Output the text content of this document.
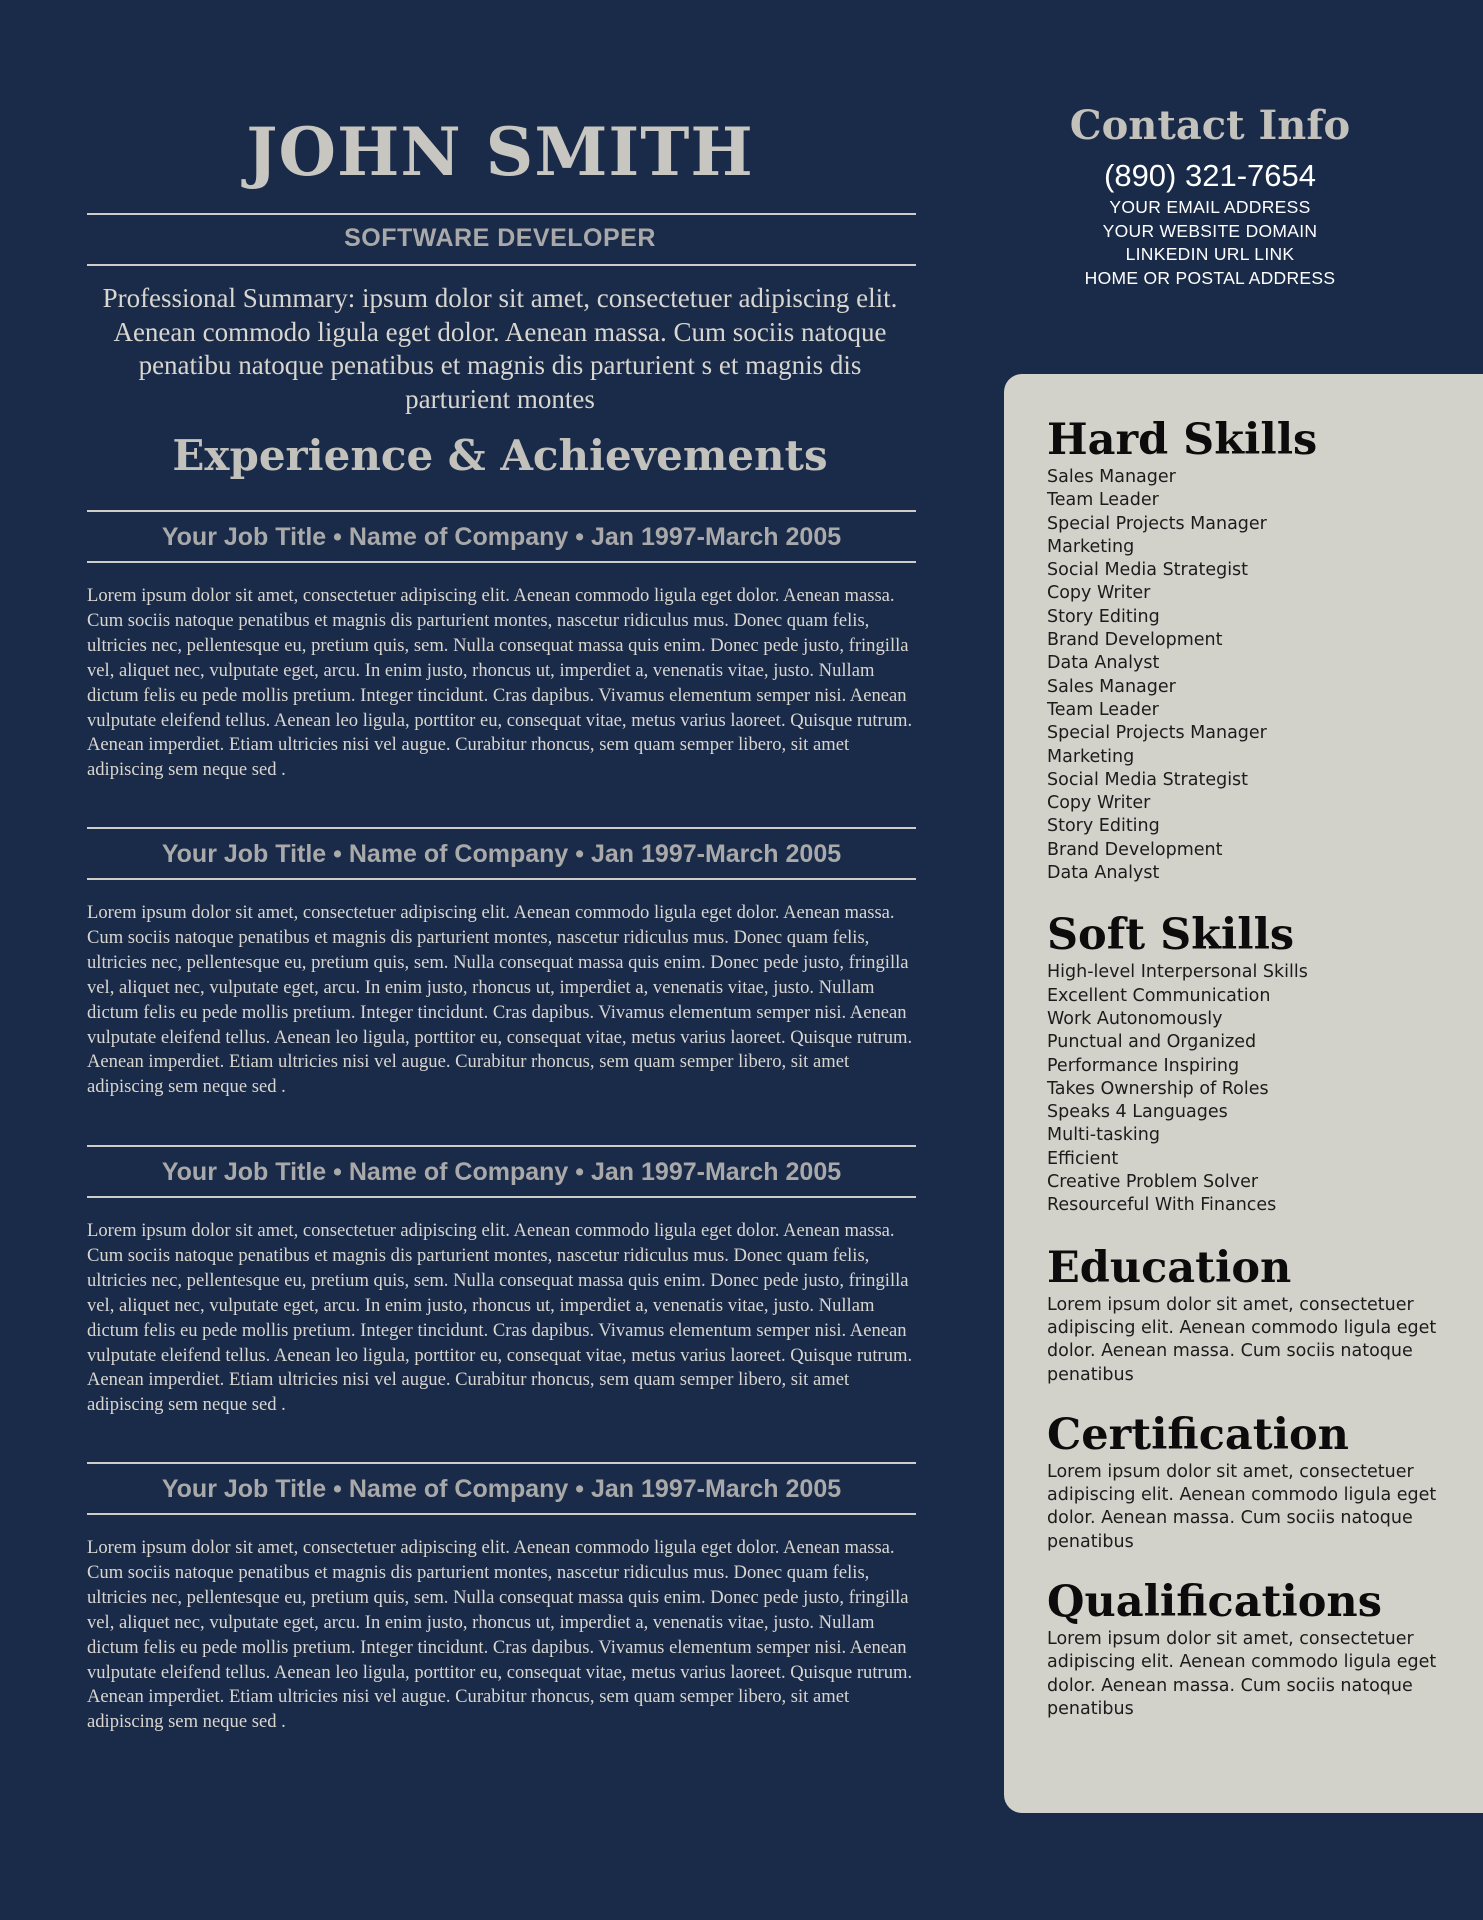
JOHN SMITH
SOFTWARE DEVELOPER
Professional Summary: ipsum dolor sit amet, consectetuer adipiscing elit. Aenean commodo ligula eget dolor. Aenean massa. Cum sociis natoque penatibu natoque penatibus et magnis dis parturient s et magnis dis parturient montes
Experience & Achievements
Your Job Title • Name of Company • Jan 1997-March 2005
Lorem ipsum dolor sit amet, consectetuer adipiscing elit. Aenean commodo ligula eget dolor. Aenean massa. Cum sociis natoque penatibus et magnis dis parturient montes, nascetur ridiculus mus. Donec quam felis, ultricies nec, pellentesque eu, pretium quis, sem. Nulla consequat massa quis enim. Donec pede justo, fringilla vel, aliquet nec, vulputate eget, arcu. In enim justo, rhoncus ut, imperdiet a, venenatis vitae, justo. Nullam dictum felis eu pede mollis pretium. Integer tincidunt. Cras dapibus. Vivamus elementum semper nisi. Aenean vulputate eleifend tellus. Aenean leo ligula, porttitor eu, consequat vitae, metus varius laoreet. Quisque rutrum. Aenean imperdiet. Etiam ultricies nisi vel augue. Curabitur rhoncus, sem quam semper libero, sit amet adipiscing sem neque sed .
Your Job Title • Name of Company • Jan 1997-March 2005
Lorem ipsum dolor sit amet, consectetuer adipiscing elit. Aenean commodo ligula eget dolor. Aenean massa. Cum sociis natoque penatibus et magnis dis parturient montes, nascetur ridiculus mus. Donec quam felis, ultricies nec, pellentesque eu, pretium quis, sem. Nulla consequat massa quis enim. Donec pede justo, fringilla vel, aliquet nec, vulputate eget, arcu. In enim justo, rhoncus ut, imperdiet a, venenatis vitae, justo. Nullam dictum felis eu pede mollis pretium. Integer tincidunt. Cras dapibus. Vivamus elementum semper nisi. Aenean vulputate eleifend tellus. Aenean leo ligula, porttitor eu, consequat vitae, metus varius laoreet. Quisque rutrum. Aenean imperdiet. Etiam ultricies nisi vel augue. Curabitur rhoncus, sem quam semper libero, sit amet adipiscing sem neque sed .
Your Job Title • Name of Company • Jan 1997-March 2005
Lorem ipsum dolor sit amet, consectetuer adipiscing elit. Aenean commodo ligula eget dolor. Aenean massa. Cum sociis natoque penatibus et magnis dis parturient montes, nascetur ridiculus mus. Donec quam felis, ultricies nec, pellentesque eu, pretium quis, sem. Nulla consequat massa quis enim. Donec pede justo, fringilla vel, aliquet nec, vulputate eget, arcu. In enim justo, rhoncus ut, imperdiet a, venenatis vitae, justo. Nullam dictum felis eu pede mollis pretium. Integer tincidunt. Cras dapibus. Vivamus elementum semper nisi. Aenean vulputate eleifend tellus. Aenean leo ligula, porttitor eu, consequat vitae, metus varius laoreet. Quisque rutrum. Aenean imperdiet. Etiam ultricies nisi vel augue. Curabitur rhoncus, sem quam semper libero, sit amet adipiscing sem neque sed .
Your Job Title • Name of Company • Jan 1997-March 2005
Lorem ipsum dolor sit amet, consectetuer adipiscing elit. Aenean commodo ligula eget dolor. Aenean massa. Cum sociis natoque penatibus et magnis dis parturient montes, nascetur ridiculus mus. Donec quam felis, ultricies nec, pellentesque eu, pretium quis, sem. Nulla consequat massa quis enim. Donec pede justo, fringilla vel, aliquet nec, vulputate eget, arcu. In enim justo, rhoncus ut, imperdiet a, venenatis vitae, justo. Nullam dictum felis eu pede mollis pretium. Integer tincidunt. Cras dapibus. Vivamus elementum semper nisi. Aenean vulputate eleifend tellus. Aenean leo ligula, porttitor eu, consequat vitae, metus varius laoreet. Quisque rutrum. Aenean imperdiet. Etiam ultricies nisi vel augue. Curabitur rhoncus, sem quam semper libero, sit amet adipiscing sem neque sed .
Contact Info
(890) 321-7654
YOUR EMAIL ADDRESS
YOUR WEBSITE DOMAIN
LINKEDIN URL LINK
HOME OR POSTAL ADDRESS
Hard Skills
Sales Manager
Team Leader
Special Projects Manager
Marketing
Social Media Strategist
Copy Writer
Story Editing
Brand Development
Data Analyst
Sales Manager
Team Leader
Special Projects Manager
Marketing
Social Media Strategist
Copy Writer
Story Editing
Brand Development
Data Analyst
Soft Skills
High-level Interpersonal Skills
Excellent Communication
Work Autonomously
Punctual and Organized
Performance Inspiring
Takes Ownership of Roles
Speaks 4 Languages
Multi-tasking
Efficient
Creative Problem Solver
Resourceful With Finances
Education
Lorem ipsum dolor sit amet, consectetuer adipiscing elit. Aenean commodo ligula eget dolor. Aenean massa. Cum sociis natoque penatibus
Certification
Lorem ipsum dolor sit amet, consectetuer adipiscing elit. Aenean commodo ligula eget dolor. Aenean massa. Cum sociis natoque penatibus
Qualifications
Lorem ipsum dolor sit amet, consectetuer adipiscing elit. Aenean commodo ligula eget dolor. Aenean massa. Cum sociis natoque penatibus
